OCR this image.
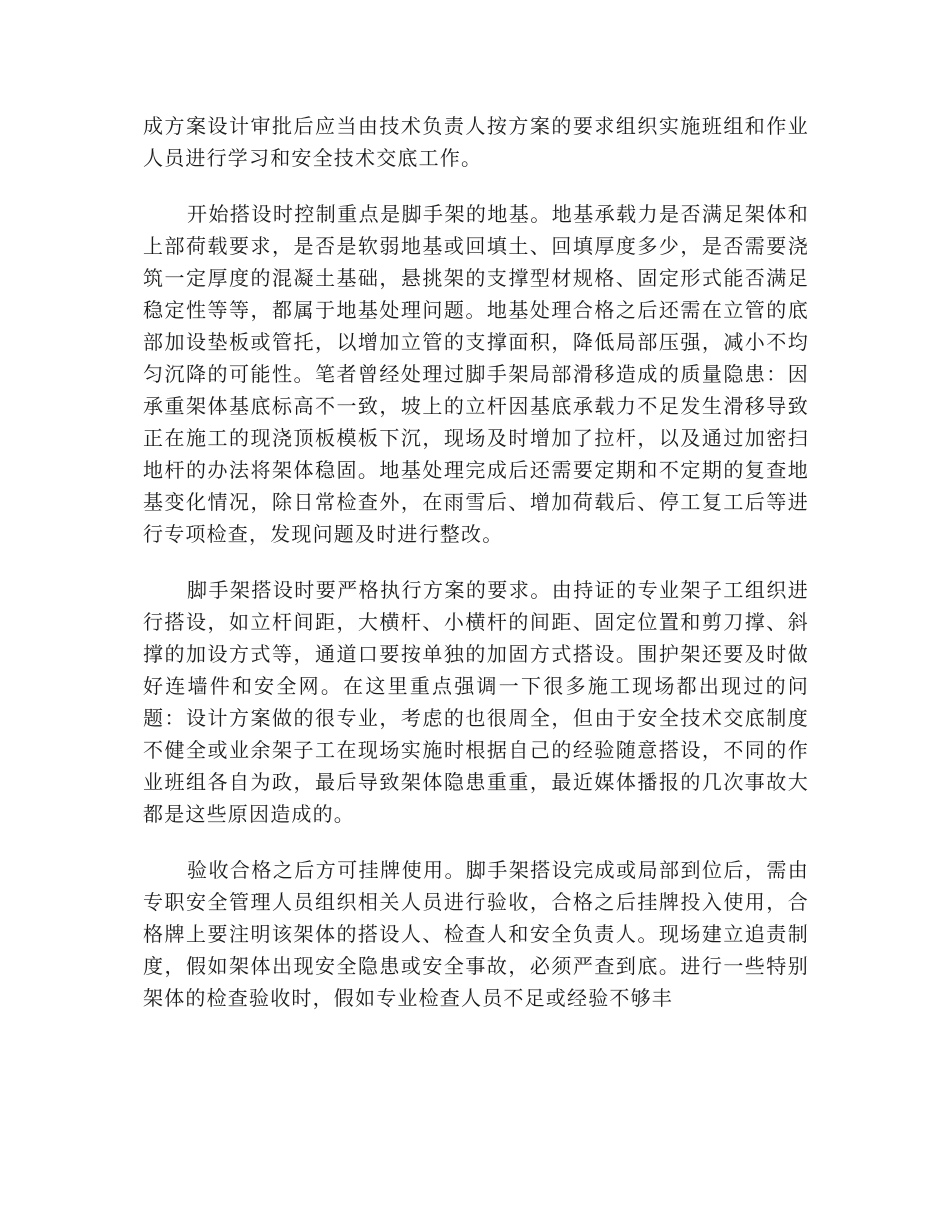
成方案设计审批后应当由技术负责人按方案的要求组织实施班组和作业人员进行学习和安全技术交底工作。

开始搭设时控制重点是脚手架的地基。地基承载力是否满足架体和上部荷载要求，是否是软弱地基或回填土、回填厚度多少，是否需要浇筑一定厚度的混凝土基础，悬挑架的支撑型材规格、固定形式能否满足稳定性等等，都属于地基处理问题。地基处理合格之后还需在立管的底部加设垫板或管托，以增加立管的支撑面积，降低局部压强，减小不均匀沉降的可能性。笔者曾经处理过脚手架局部滑移造成的质量隐患：因承重架体基底标高不一致，坡上的立杆因基底承载力不足发生滑移导致正在施工的现浇顶板模板下沉，现场及时增加了拉杆，以及通过加密扫地杆的办法将架体稳固。地基处理完成后还需要定期和不定期的复查地基变化情况，除日常检查外，在雨雪后、增加荷载后、停工复工后等进行专项检查，发现问题及时进行整改。

脚手架搭设时要严格执行方案的要求。由持证的专业架子工组织进行搭设，如立杆间距，大横杆、小横杆的间距、固定位置和剪刀撑、斜撑的加设方式等，通道口要按单独的加固方式搭设。围护架还要及时做好连墙件和安全网。在这里重点强调一下很多施工现场都出现过的问题：设计方案做的很专业，考虑的也很周全，但由于安全技术交底制度不健全或业余架子工在现场实施时根据自己的经验随意搭设，不同的作业班组各自为政，最后导致架体隐患重重，最近媒体播报的几次事故大都是这些原因造成的。

验收合格之后方可挂牌使用。脚手架搭设完成或局部到位后，需由专职安全管理人员组织相关人员进行验收，合格之后挂牌投入使用，合格牌上要注明该架体的搭设人、检查人和安全负责人。现场建立追责制度，假如架体出现安全隐患或安全事故，必须严查到底。进行一些特别架体的检查验收时，假如专业检查人员不足或经验不够丰
